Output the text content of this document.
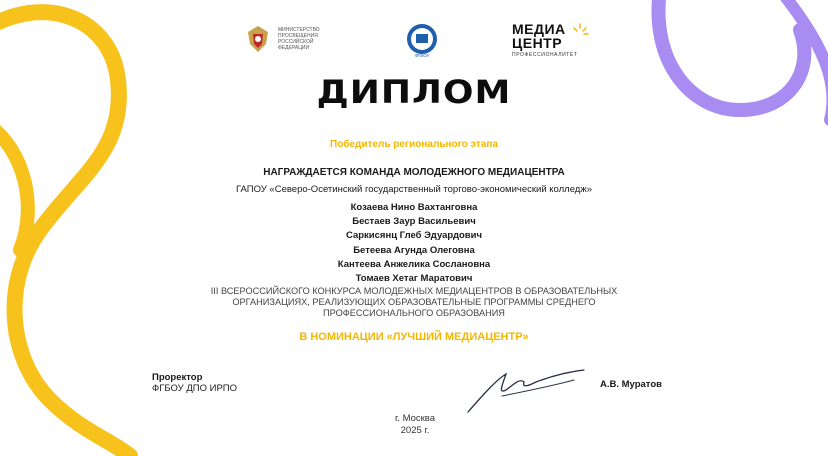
МИНИСТЕРСТВО ПРОСВЕЩЕНИЯ РОССИЙСКОЙ ФЕДЕРАЦИИ
ФГБОУ
МЕДИА
ЦЕНТР
ПРОФЕССИОНАЛИТЕТ
ДИПЛОМ
Победитель регионального этапа
НАГРАЖДАЕТСЯ КОМАНДА МОЛОДЕЖНОГО МЕДИАЦЕНТРА
ГАПОУ «Северо-Осетинский государственный торгово-экономический колледж»
Козаева Нино Вахтанговна
Бестаев Заур Васильевич
Саркисянц Глеб Эдуардович
Бетеева Агунда Олеговна
Кантеева Анжелика Сослановна
Томаев Хетаг Маратович
III ВСЕРОССИЙСКОГО КОНКУРСА МОЛОДЕЖНЫХ МЕДИАЦЕНТРОВ В ОБРАЗОВАТЕЛЬНЫХ
ОРГАНИЗАЦИЯХ, РЕАЛИЗУЮЩИХ ОБРАЗОВАТЕЛЬНЫЕ ПРОГРАММЫ СРЕДНЕГО
ПРОФЕССИОНАЛЬНОГО ОБРАЗОВАНИЯ
В НОМИНАЦИИ «ЛУЧШИЙ МЕДИАЦЕНТР»
Проректор
ФГБОУ ДПО ИРПО	А.В. Муратов
г. Москва
2025 г.
